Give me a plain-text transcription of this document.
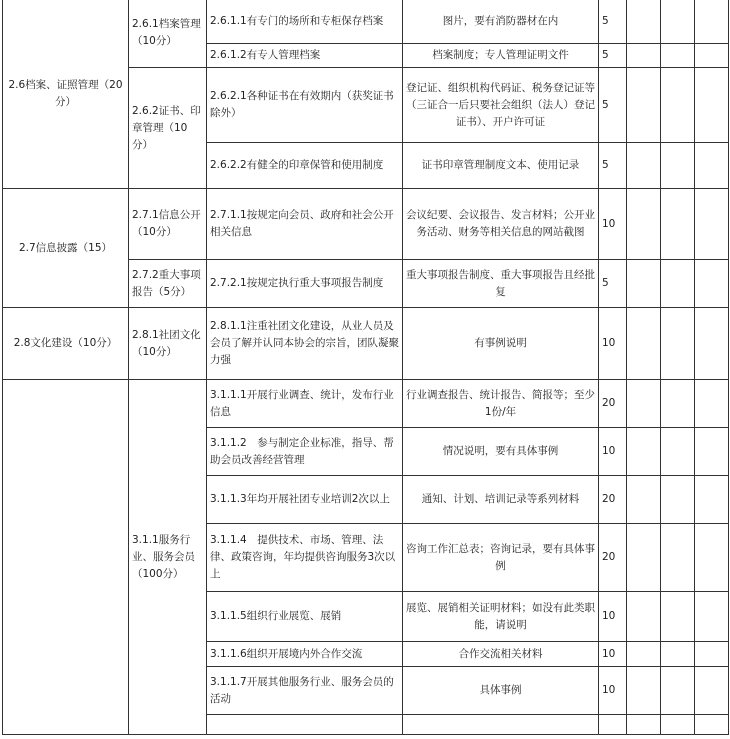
2.6档案、证照管理（20分）	2.6.1档案管理（10分）	2.6.1.1有专门的场所和专柜保存档案	图片，要有消防器材在内	5			
		2.6.1.2有专人管理档案	档案制度；专人管理证明文件	5			
	2.6.2证书、印章管理（10分）	2.6.2.1各种证书在有效期内（获奖证书除外）	登记证、组织机构代码证、税务登记证等（三证合一后只要社会组织（法人）登记证书）、开户许可证	5			
		2.6.2.2有健全的印章保管和使用制度	证书印章管理制度文本、使用记录	5			
2.7信息披露（15）	2.7.1信息公开（10分）	2.7.1.1按规定向会员、政府和社会公开相关信息	会议纪要、会议报告、发言材料；公开业务活动、财务等相关信息的网站截图	10			
	2.7.2重大事项报告（5分）	2.7.2.1按规定执行重大事项报告制度	重大事项报告制度、重大事项报告且经批复	5			
2.8文化建设（10分）	2.8.1社团文化（10分）	2.8.1.1注重社团文化建设，从业人员及会员了解并认同本协会的宗旨，团队凝聚力强	有事例说明	10			
	3.1.1服务行业、服务会员（100分）	3.1.1.1开展行业调查、统计，发布行业信息	行业调查报告、统计报告、简报等；至少1份/年	20			
		3.1.1.2　参与制定企业标准，指导、帮助会员改善经营管理	情况说明，要有具体事例	10			
		3.1.1.3年均开展社团专业培训2次以上	通知、计划、培训记录等系列材料	20			
		3.1.1.4　提供技术、市场、管理、法律、政策咨询，年均提供咨询服务3次以上	咨询工作汇总表；咨询记录，要有具体事例	20			
		3.1.1.5组织行业展览、展销	展览、展销相关证明材料；如没有此类职能，请说明	10			
		3.1.1.6组织开展境内外合作交流	合作交流相关材料	10			
		3.1.1.7开展其他服务行业、服务会员的活动	具体事例	10			
